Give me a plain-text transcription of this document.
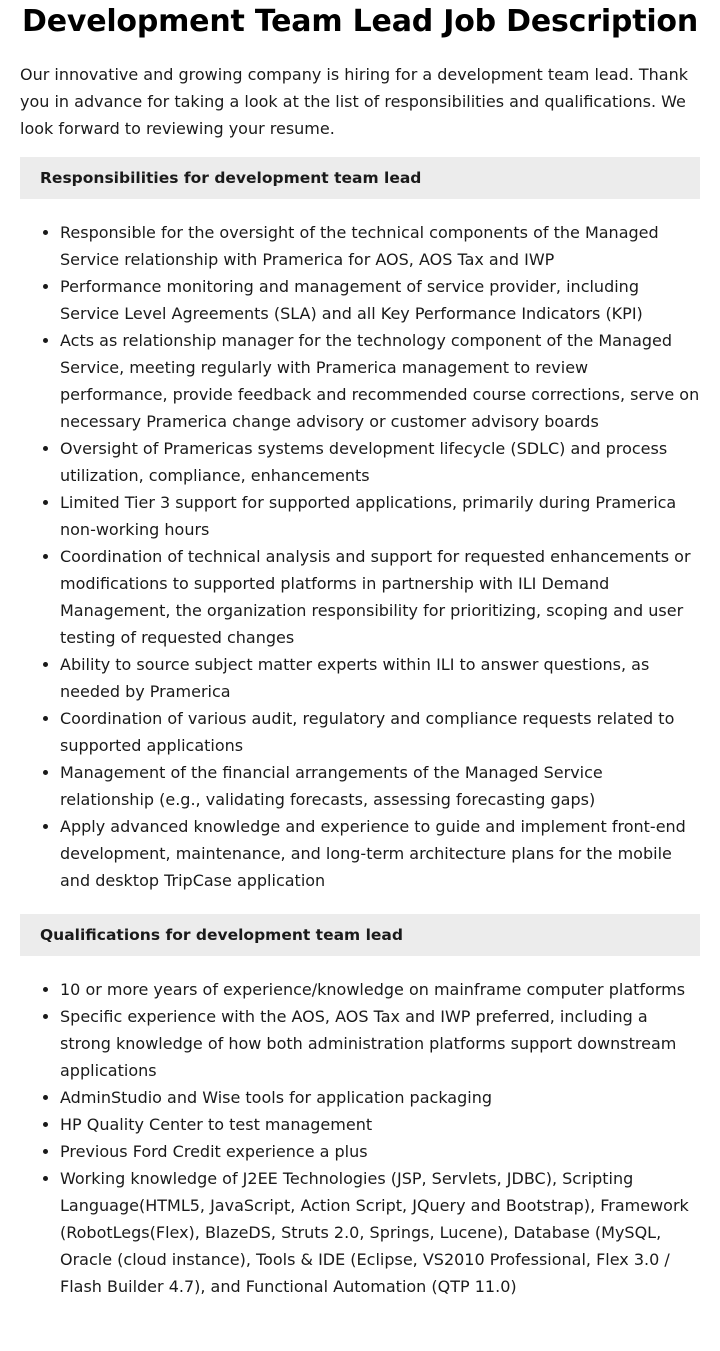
Development Team Lead Job Description

Our innovative and growing company is hiring for a development team lead. Thank you in advance for taking a look at the list of responsibilities and qualifications. We look forward to reviewing your resume.

Responsibilities for development team lead
• Responsible for the oversight of the technical components of the Managed Service relationship with Pramerica for AOS, AOS Tax and IWP
• Performance monitoring and management of service provider, including Service Level Agreements (SLA) and all Key Performance Indicators (KPI)
• Acts as relationship manager for the technology component of the Managed Service, meeting regularly with Pramerica management to review performance, provide feedback and recommended course corrections, serve on necessary Pramerica change advisory or customer advisory boards
• Oversight of Pramericas systems development lifecycle (SDLC) and process utilization, compliance, enhancements
• Limited Tier 3 support for supported applications, primarily during Pramerica non-working hours
• Coordination of technical analysis and support for requested enhancements or modifications to supported platforms in partnership with ILI Demand Management, the organization responsibility for prioritizing, scoping and user testing of requested changes
• Ability to source subject matter experts within ILI to answer questions, as needed by Pramerica
• Coordination of various audit, regulatory and compliance requests related to supported applications
• Management of the financial arrangements of the Managed Service relationship (e.g., validating forecasts, assessing forecasting gaps)
• Apply advanced knowledge and experience to guide and implement front-end development, maintenance, and long-term architecture plans for the mobile and desktop TripCase application
Qualifications for development team lead
• 10 or more years of experience/knowledge on mainframe computer platforms
• Specific experience with the AOS, AOS Tax and IWP preferred, including a strong knowledge of how both administration platforms support downstream applications
• AdminStudio and Wise tools for application packaging
• HP Quality Center to test management
• Previous Ford Credit experience a plus
• Working knowledge of J2EE Technologies (JSP, Servlets, JDBC), Scripting Language(HTML5, JavaScript, Action Script, JQuery and Bootstrap), Framework (RobotLegs(Flex), BlazeDS, Struts 2.0, Springs, Lucene), Database (MySQL, Oracle (cloud instance), Tools & IDE (Eclipse, VS2010 Professional, Flex 3.0 / Flash Builder 4.7), and Functional Automation (QTP 11.0)
